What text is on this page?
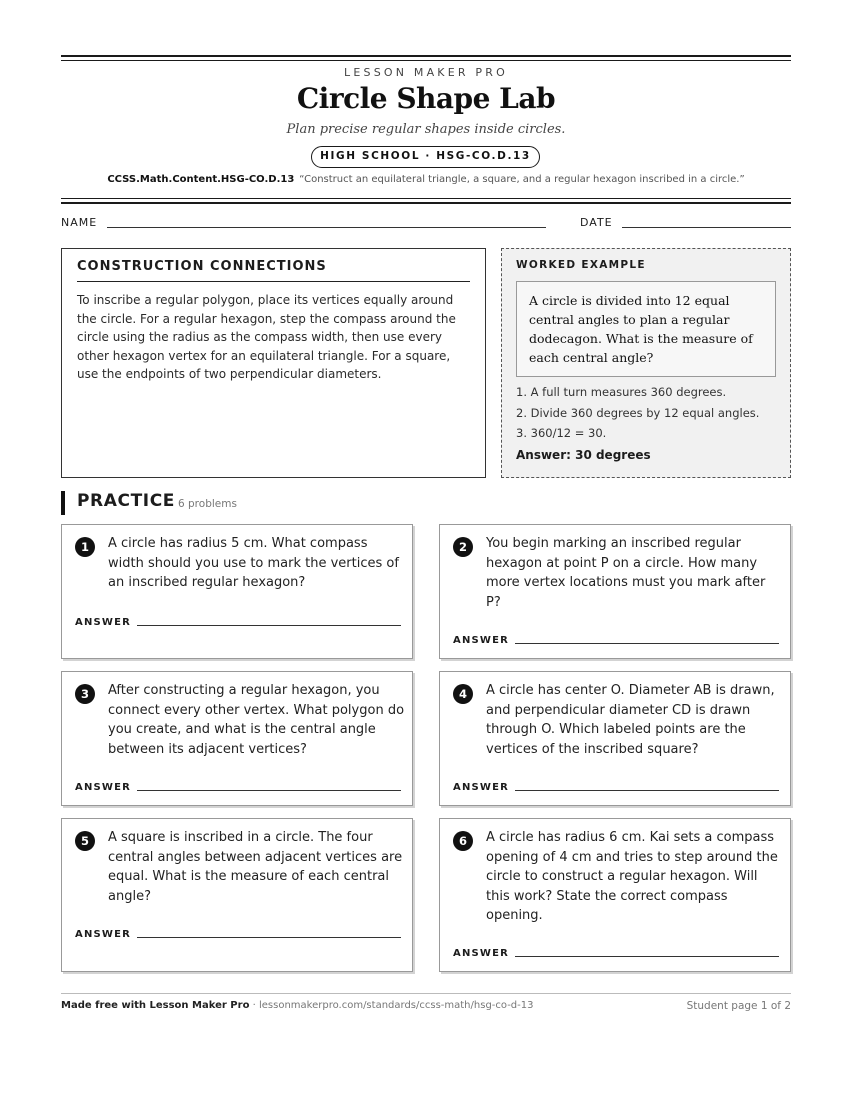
LESSON MAKER PRO
Circle Shape Lab
Plan precise regular shapes inside circles.
HIGH SCHOOL · HSG-CO.D.13
CCSS.Math.Content.HSG-CO.D.13 “Construct an equilateral triangle, a square, and a regular hexagon inscribed in a circle.”
NAME	DATE
CONSTRUCTION CONNECTIONS

To inscribe a regular polygon, place its vertices equally around the circle. For a regular hexagon, step the compass around the circle using the radius as the compass width, then use every other hexagon vertex for an equilateral triangle. For a square, use the endpoints of two perpendicular diameters.

WORKED EXAMPLE
A circle is divided into 12 equal central angles to plan a regular dodecagon. What is the measure of each central angle?
1. A full turn measures 360 degrees.
2. Divide 360 degrees by 12 equal angles.
3. 360/12 = 30.
Answer: 30 degrees
PRACTICE 6 problems
1	A circle has radius 5 cm. What compass width should you use to mark the vertices of an inscribed regular hexagon?
ANSWER
2	You begin marking an inscribed regular hexagon at point P on a circle. How many more vertex locations must you mark after P?
ANSWER
3	After constructing a regular hexagon, you connect every other vertex. What polygon do you create, and what is the central angle between its adjacent vertices?
ANSWER
4	A circle has center O. Diameter AB is drawn, and perpendicular diameter CD is drawn through O. Which labeled points are the vertices of the inscribed square?
ANSWER
5	A square is inscribed in a circle. The four central angles between adjacent vertices are equal. What is the measure of each central angle?
ANSWER
6	A circle has radius 6 cm. Kai sets a compass opening of 4 cm and tries to step around the circle to construct a regular hexagon. Will this work? State the correct compass opening.
ANSWER
Made free with Lesson Maker Pro · lessonmakerpro.com/standards/ccss-math/hsg-co-d-13	Student page 1 of 2
